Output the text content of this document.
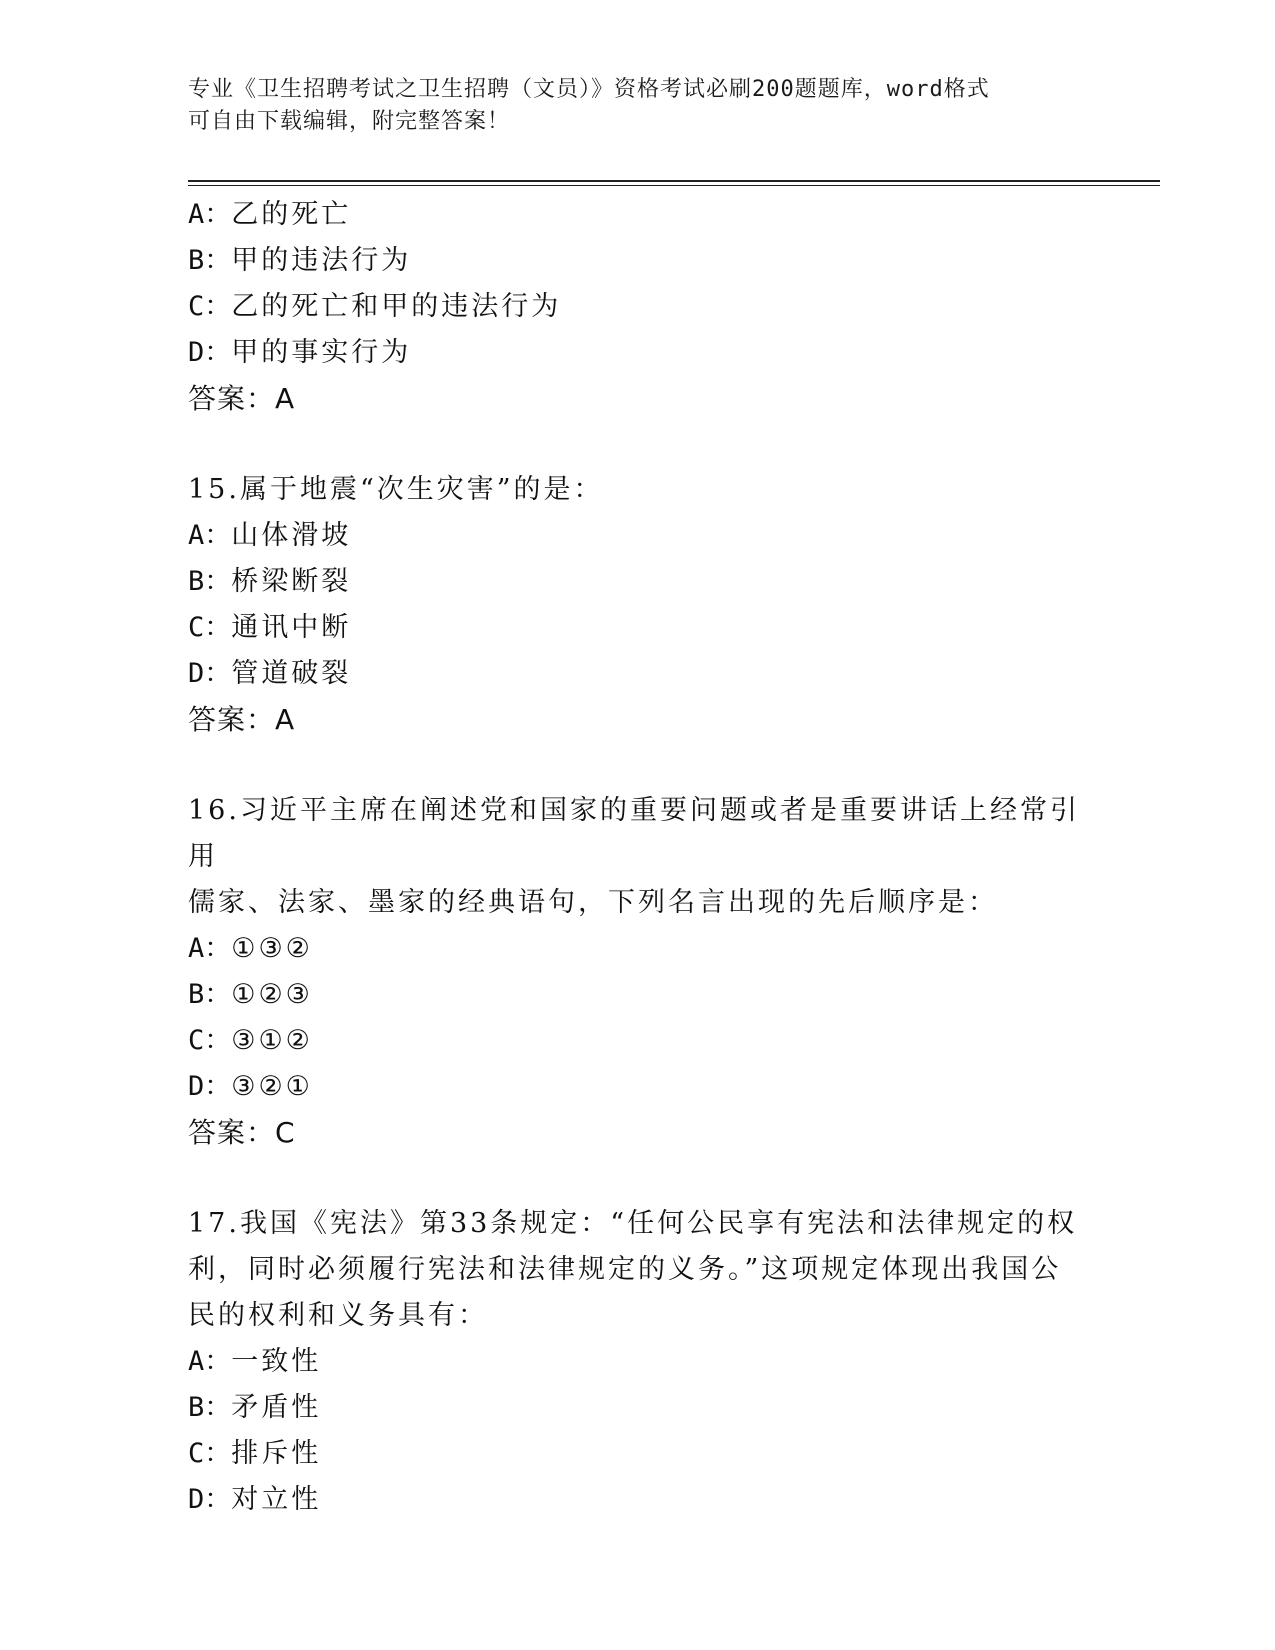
专业《卫生招聘考试之卫生招聘（文员）》资格考试必刷200题题库，word格式
可自由下载编辑，附完整答案！
A：乙的死亡
B：甲的违法行为
C：乙的死亡和甲的违法行为
D：甲的事实行为
答案：A
15.属于地震“次生灾害”的是：
A：山体滑坡
B：桥梁断裂
C：通讯中断
D：管道破裂
答案：A
16.习近平主席在阐述党和国家的重要问题或者是重要讲话上经常引用
儒家、法家、墨家的经典语句，下列名言出现的先后顺序是：
A：①③②
B：①②③
C：③①②
D：③②①
答案：C
17.我国《宪法》第33条规定：“任何公民享有宪法和法律规定的权
利，同时必须履行宪法和法律规定的义务。”这项规定体现出我国公
民的权利和义务具有：
A：一致性
B：矛盾性
C：排斥性
D：对立性
